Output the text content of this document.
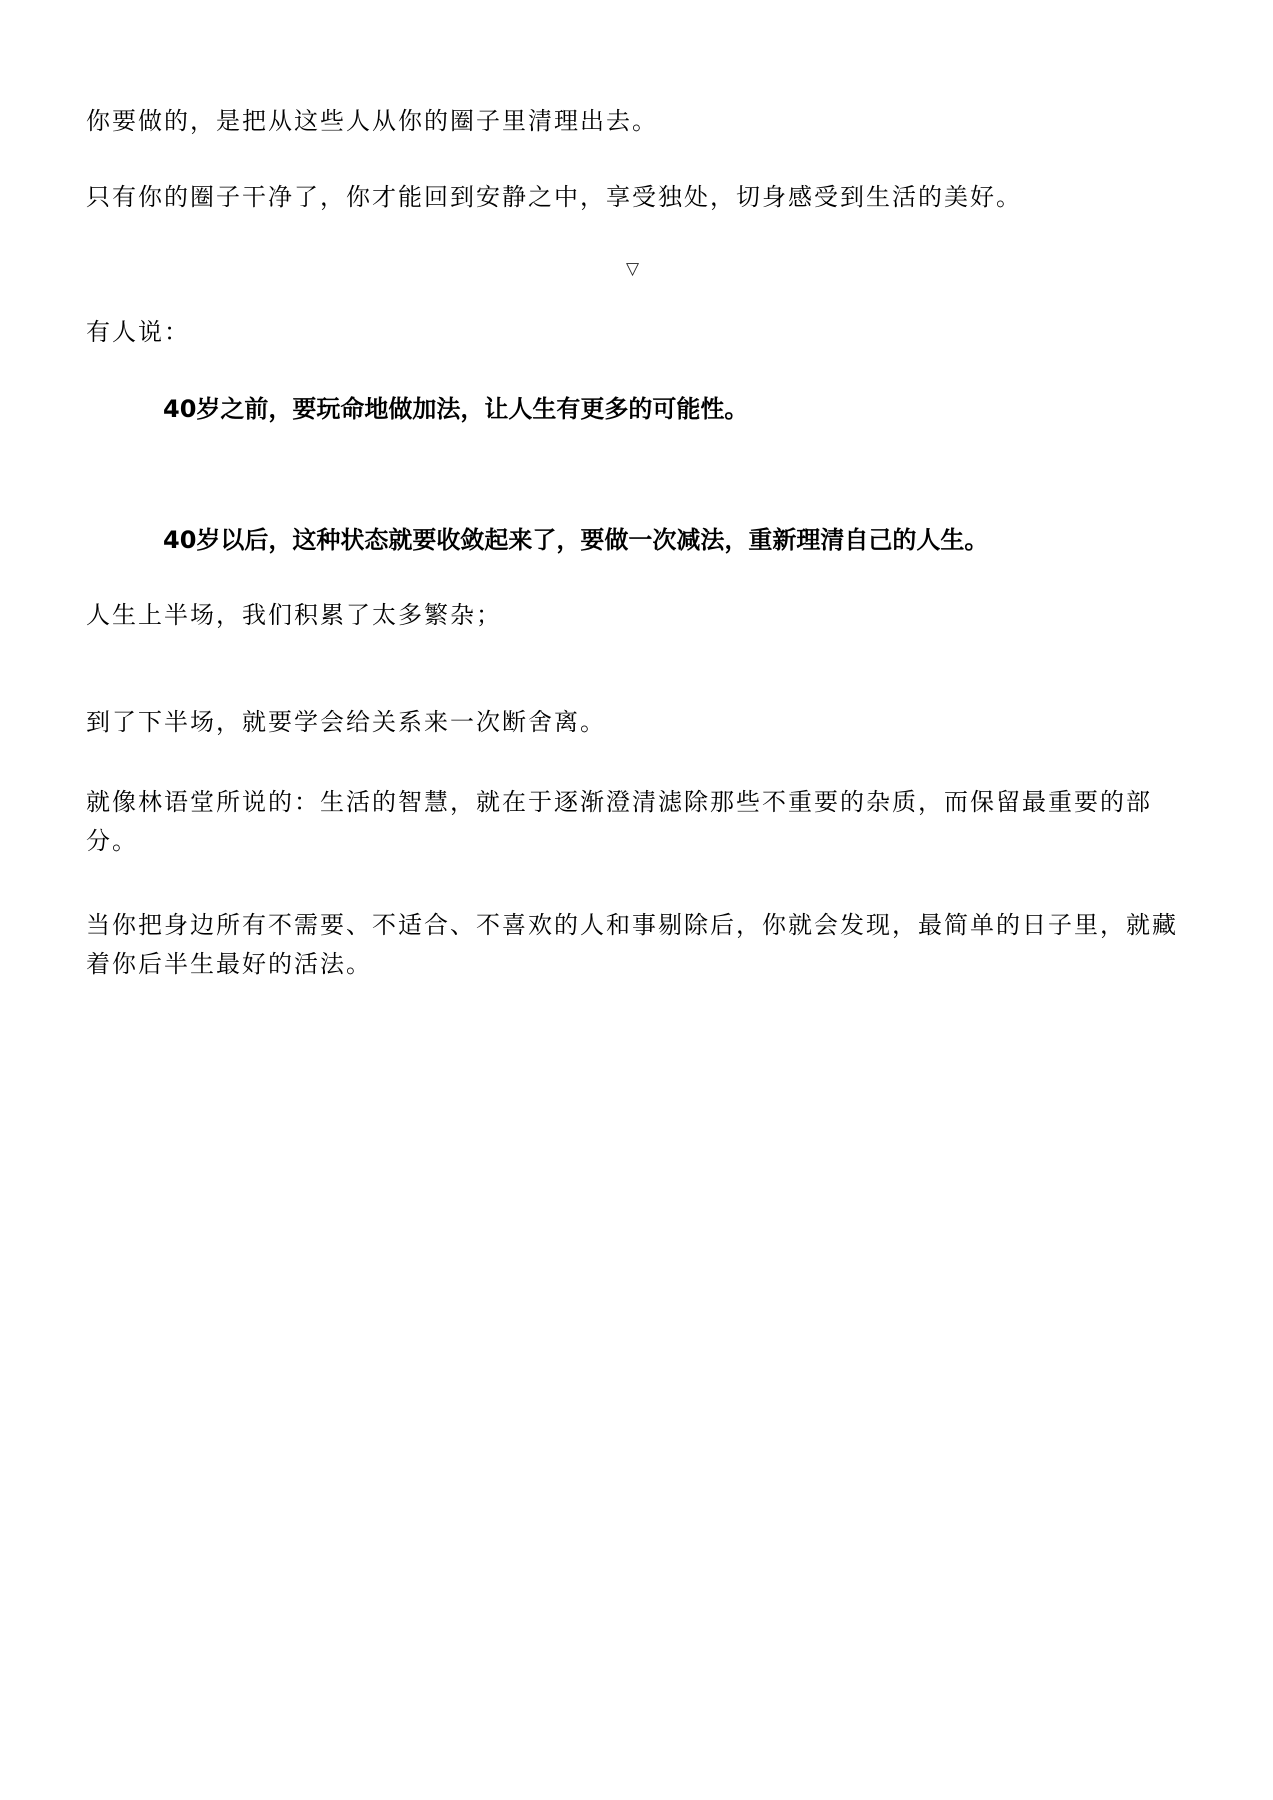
你要做的，是把从这些人从你的圈子里清理出去。

只有你的圈子干净了，你才能回到安静之中，享受独处，切身感受到生活的美好。

▽

有人说：

40岁之前，要玩命地做加法，让人生有更多的可能性。

40岁以后，这种状态就要收敛起来了，要做一次减法，重新理清自己的人生。

人生上半场，我们积累了太多繁杂；

到了下半场，就要学会给关系来一次断舍离。

就像林语堂所说的：生活的智慧，就在于逐渐澄清滤除那些不重要的杂质，而保留最重要的部分。

当你把身边所有不需要、不适合、不喜欢的人和事剔除后，你就会发现，最简单的日子里，就藏着你后半生最好的活法。
